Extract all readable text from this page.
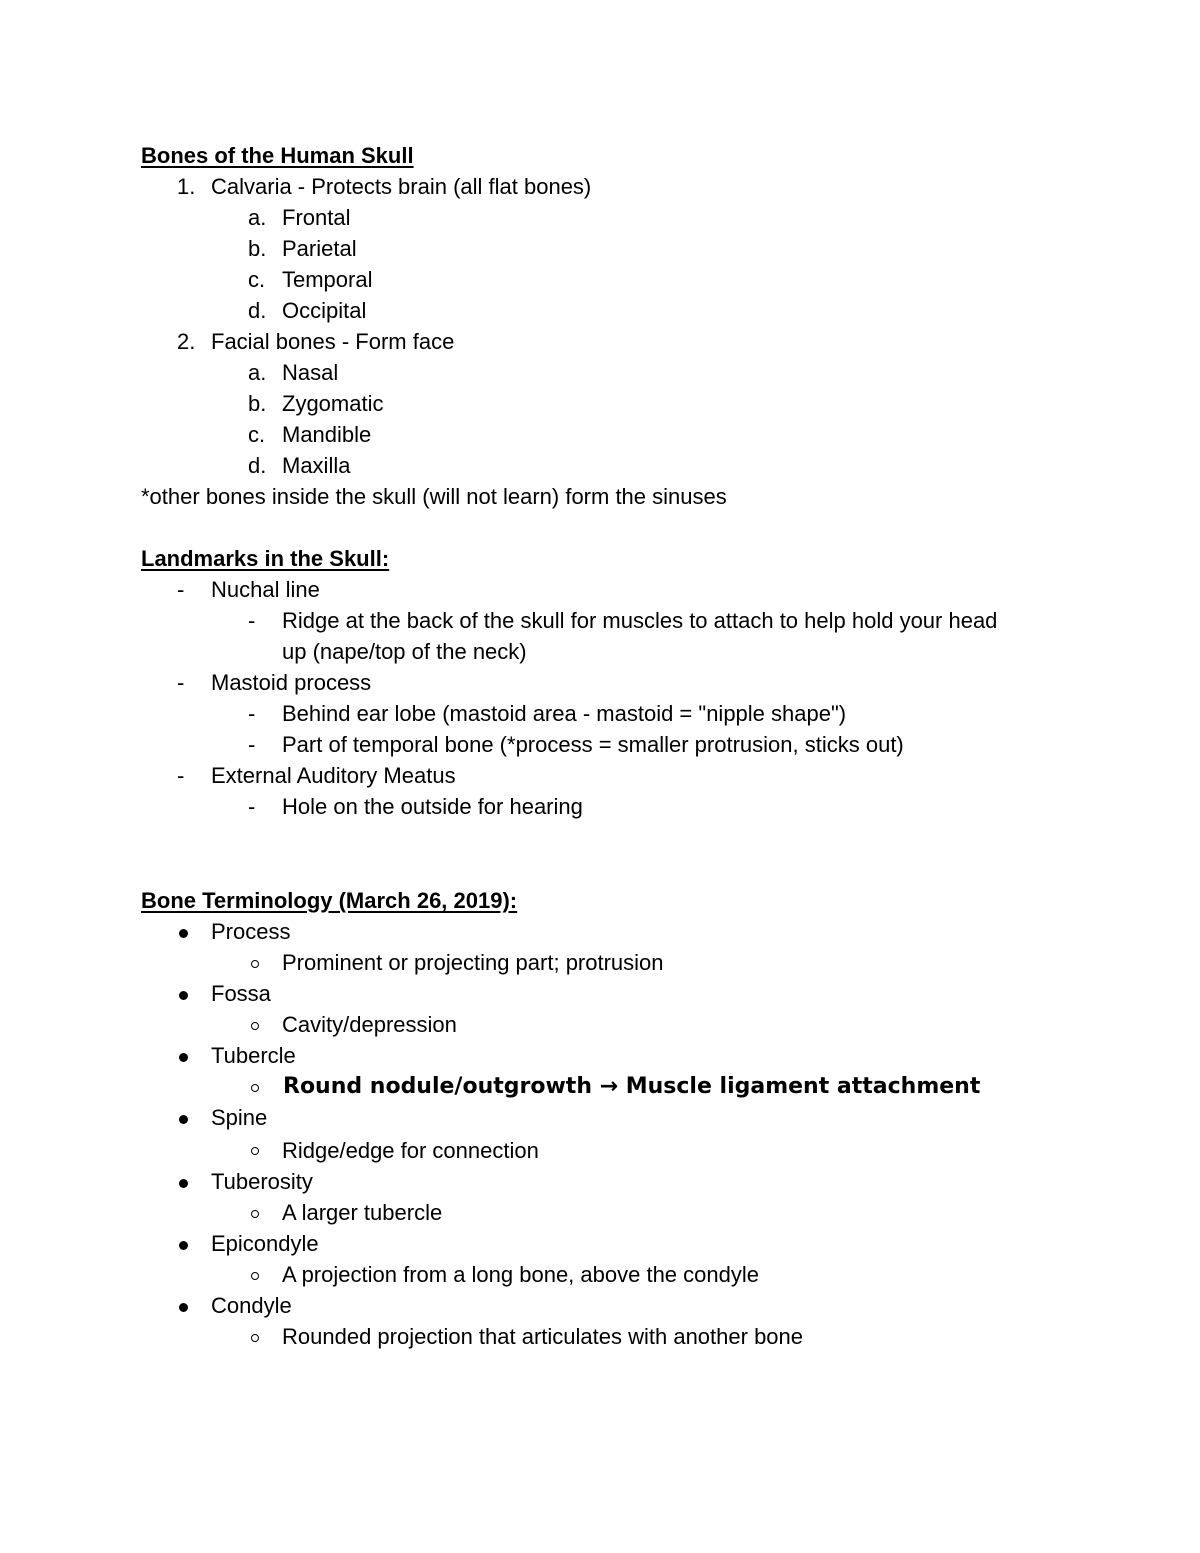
Bones of the Human Skull
1. Calvaria - Protects brain (all flat bones)
a. Frontal
b. Parietal
c. Temporal
d. Occipital
2. Facial bones - Form face
a. Nasal
b. Zygomatic
c. Mandible
d. Maxilla
*other bones inside the skull (will not learn) form the sinuses
Landmarks in the Skull:
- Nuchal line
- Ridge at the back of the skull for muscles to attach to help hold your head
up (nape/top of the neck)
- Mastoid process
- Behind ear lobe (mastoid area - mastoid = "nipple shape")
- Part of temporal bone (*process = smaller protrusion, sticks out)
- External Auditory Meatus
- Hole on the outside for hearing
Bone Terminology (March 26, 2019):
Process
Prominent or projecting part; protrusion
Fossa
Cavity/depression
Tubercle
Round nodule/outgrowth → Muscle ligament attachment
Spine
Ridge/edge for connection
Tuberosity
A larger tubercle
Epicondyle
A projection from a long bone, above the condyle
Condyle
Rounded projection that articulates with another bone
